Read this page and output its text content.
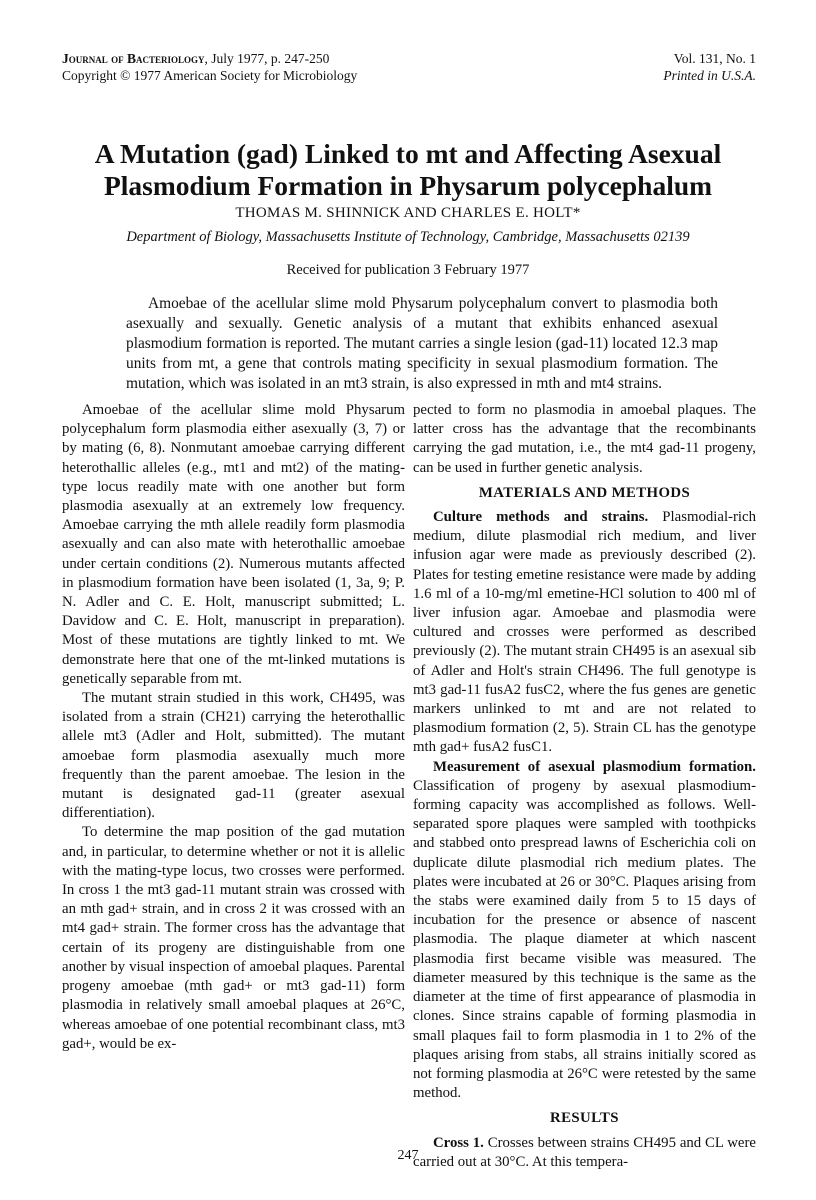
Journal of Bacteriology, July 1977, p. 247-250
Copyright © 1977 American Society for Microbiology
Vol. 131, No. 1
Printed in U.S.A.
A Mutation (gad) Linked to mt and Affecting Asexual
Plasmodium Formation in Physarum polycephalum
THOMAS M. SHINNICK AND CHARLES E. HOLT*
Department of Biology, Massachusetts Institute of Technology, Cambridge, Massachusetts 02139
Received for publication 3 February 1977

Amoebae of the acellular slime mold Physarum polycephalum convert to plasmodia both asexually and sexually. Genetic analysis of a mutant that exhibits enhanced asexual plasmodium formation is reported. The mutant carries a single lesion (gad-11) located 12.3 map units from mt, a gene that controls mating specificity in sexual plasmodium formation. The mutation, which was isolated in an mt3 strain, is also expressed in mth and mt4 strains.

Amoebae of the acellular slime mold Physarum polycephalum form plasmodia either asexually (3, 7) or by mating (6, 8). Nonmutant amoebae carrying different heterothallic alleles (e.g., mt1 and mt2) of the mating-type locus readily mate with one another but form plasmodia asexually at an extremely low frequency. Amoebae carrying the mth allele readily form plasmodia asexually and can also mate with heterothallic amoebae under certain conditions (2). Numerous mutants affected in plasmodium formation have been isolated (1, 3a, 9; P. N. Adler and C. E. Holt, manuscript submitted; L. Davidow and C. E. Holt, manuscript in preparation). Most of these mutations are tightly linked to mt. We demonstrate here that one of the mt-linked mutations is genetically separable from mt.

The mutant strain studied in this work, CH495, was isolated from a strain (CH21) carrying the heterothallic allele mt3 (Adler and Holt, submitted). The mutant amoebae form plasmodia asexually much more frequently than the parent amoebae. The lesion in the mutant is designated gad-11 (greater asexual differentiation).

To determine the map position of the gad mutation and, in particular, to determine whether or not it is allelic with the mating-type locus, two crosses were performed. In cross 1 the mt3 gad-11 mutant strain was crossed with an mth gad+ strain, and in cross 2 it was crossed with an mt4 gad+ strain. The former cross has the advantage that certain of its progeny are distinguishable from one another by visual inspection of amoebal plaques. Parental progeny amoebae (mth gad+ or mt3 gad-11) form plasmodia in relatively small amoebal plaques at 26°C, whereas amoebae of one potential recombinant class, mt3 gad+, would be ex-

pected to form no plasmodia in amoebal plaques. The latter cross has the advantage that the recombinants carrying the gad mutation, i.e., the mt4 gad-11 progeny, can be used in further genetic analysis.

MATERIALS AND METHODS

Culture methods and strains. Plasmodial-rich medium, dilute plasmodial rich medium, and liver infusion agar were made as previously described (2). Plates for testing emetine resistance were made by adding 1.6 ml of a 10-mg/ml emetine-HCl solution to 400 ml of liver infusion agar. Amoebae and plasmodia were cultured and crosses were performed as described previously (2). The mutant strain CH495 is an asexual sib of Adler and Holt's strain CH496. The full genotype is mt3 gad-11 fusA2 fusC2, where the fus genes are genetic markers unlinked to mt and are not related to plasmodium formation (2, 5). Strain CL has the genotype mth gad+ fusA2 fusC1.

Measurement of asexual plasmodium formation. Classification of progeny by asexual plasmodium-forming capacity was accomplished as follows. Well-separated spore plaques were sampled with toothpicks and stabbed onto prespread lawns of Escherichia coli on duplicate dilute plasmodial rich medium plates. The plates were incubated at 26 or 30°C. Plaques arising from the stabs were examined daily from 5 to 15 days of incubation for the presence or absence of nascent plasmodia. The plaque diameter at which nascent plasmodia first became visible was measured. The diameter measured by this technique is the same as the diameter at the time of first appearance of plasmodia in clones. Since strains capable of forming plasmodia in small plaques fail to form plasmodia in 1 to 2% of the plaques arising from stabs, all strains initially scored as not forming plasmodia at 26°C were retested by the same method.

RESULTS

Cross 1. Crosses between strains CH495 and CL were carried out at 30°C. At this tempera-

247
